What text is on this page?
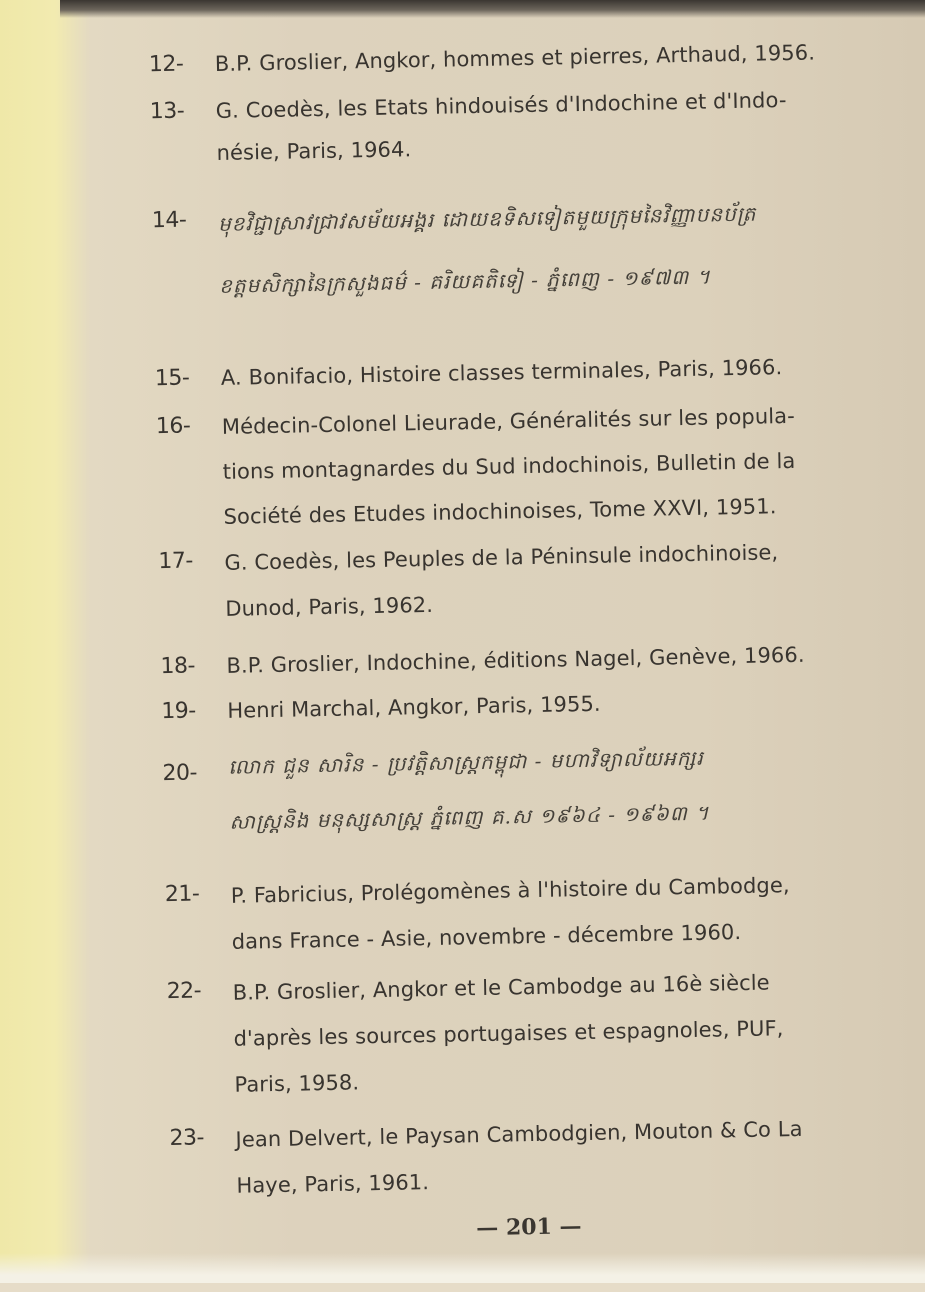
12-	B.P. Groslier, Angkor, hommes et pierres, Arthaud, 1956.
13-	G. Coedès, les Etats hindouisés d'Indochine et d'Indo-
nésie, Paris, 1964.
14-	មុខវិជ្ជាស្រាវជ្រាវសម័យអង្គរ ដោយឧទិសទៀតមួយក្រុមនៃវិញ្ញាបនប័ត្រ
ខត្តមសិក្សានៃក្រសួងធម៌ - គរិយគតិទៀ - ភ្នំពេញ - ១៩៧៣ ។
15-	A. Bonifacio, Histoire classes terminales, Paris, 1966.
16-	Médecin-Colonel Lieurade, Généralités sur les popula-
tions montagnardes du Sud indochinois, Bulletin de la
Société des Etudes indochinoises, Tome XXVI, 1951.
17-	G. Coedès, les Peuples de la Péninsule indochinoise,
Dunod, Paris, 1962.
18-	B.P. Groslier, Indochine, éditions Nagel, Genève, 1966.
19-	Henri Marchal, Angkor, Paris, 1955.
20-	លោក ជួន សារិន - ប្រវត្តិសាស្ត្រកម្ពុជា - មហាវិទ្យាល័យអក្សរ
សាស្ត្រនិង មនុស្សសាស្ត្រ ភ្នំពេញ គ.ស ១៩៦៤ - ១៩៦៣ ។
21-	P. Fabricius, Prolégomènes à l'histoire du Cambodge,
dans France - Asie, novembre - décembre 1960.
22-	B.P. Groslier, Angkor et le Cambodge au 16è siècle
d'après les sources portugaises et espagnoles, PUF,
Paris, 1958.
23-	Jean Delvert, le Paysan Cambodgien, Mouton & Co La
Haye, Paris, 1961.
— 201 —
